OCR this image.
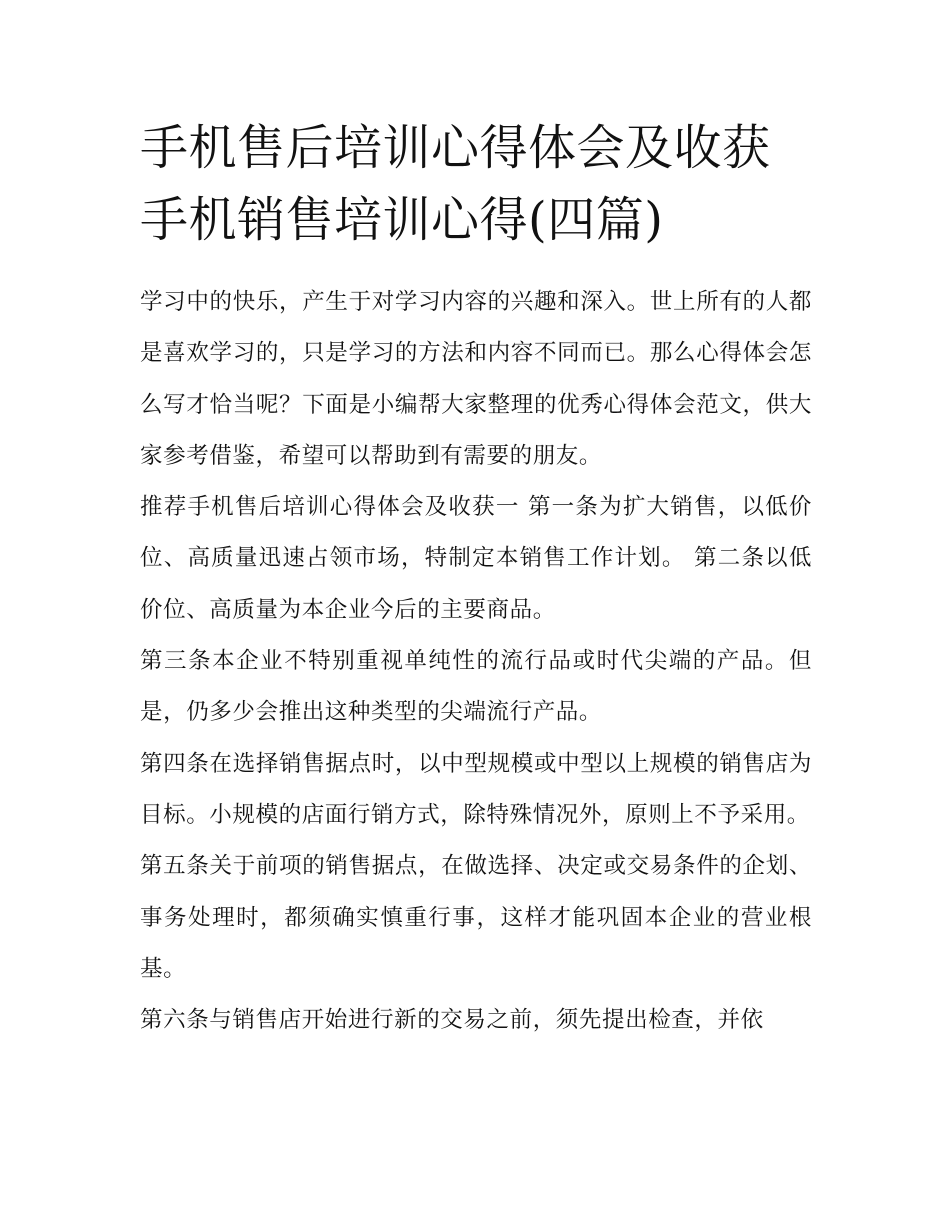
手机售后培训心得体会及收获手机销售培训心得(四篇)

学习中的快乐，产生于对学习内容的兴趣和深入。世上所有的人都是喜欢学习的，只是学习的方法和内容不同而已。那么心得体会怎么写才恰当呢？下面是小编帮大家整理的优秀心得体会范文，供大家参考借鉴，希望可以帮助到有需要的朋友。

推荐手机售后培训心得体会及收获一 第一条为扩大销售，以低价位、高质量迅速占领市场，特制定本销售工作计划。 第二条以低价位、高质量为本企业今后的主要商品。

第三条本企业不特别重视单纯性的流行品或时代尖端的产品。但是，仍多少会推出这种类型的尖端流行产品。

第四条在选择销售据点时，以中型规模或中型以上规模的销售店为目标。小规模的店面行销方式，除特殊情况外，原则上不予采用。

第五条关于前项的销售据点，在做选择、决定或交易条件的企划、事务处理时，都须确实慎重行事，这样才能巩固本企业的营业根基。

第六条与销售店开始进行新的交易之前，须先提出检查，并依
